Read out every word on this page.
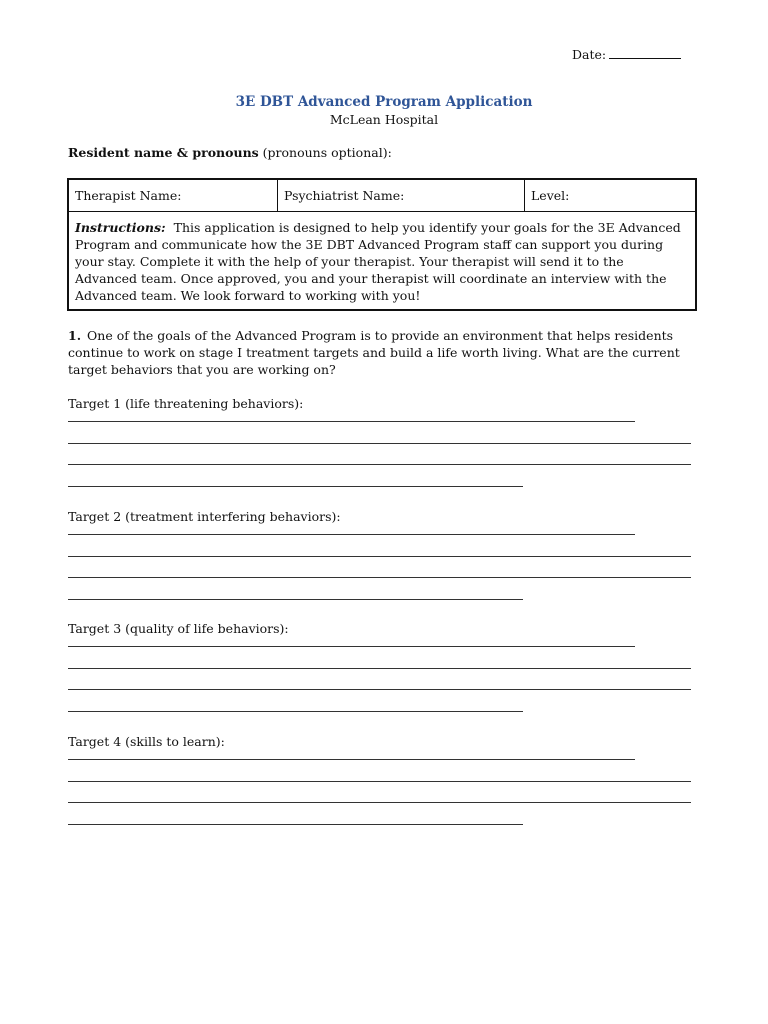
Date:
3E DBT Advanced Program Application
McLean Hospital
Resident name & pronouns (pronouns optional):
Therapist Name:	Psychiatrist Name:	Level:
Instructions: This application is designed to help you identify your goals for the 3E Advanced Program and communicate how the 3E DBT Advanced Program staff can support you during your stay. Complete it with the help of your therapist. Your therapist will send it to the Advanced team. Once approved, you and your therapist will coordinate an interview with the Advanced team. We look forward to working with you!
1. One of the goals of the Advanced Program is to provide an environment that helps residents continue to work on stage I treatment targets and build a life worth living. What are the current target behaviors that you are working on?
Target 1 (life threatening behaviors):
Target 2 (treatment interfering behaviors):
Target 3 (quality of life behaviors):
Target 4 (skills to learn):
